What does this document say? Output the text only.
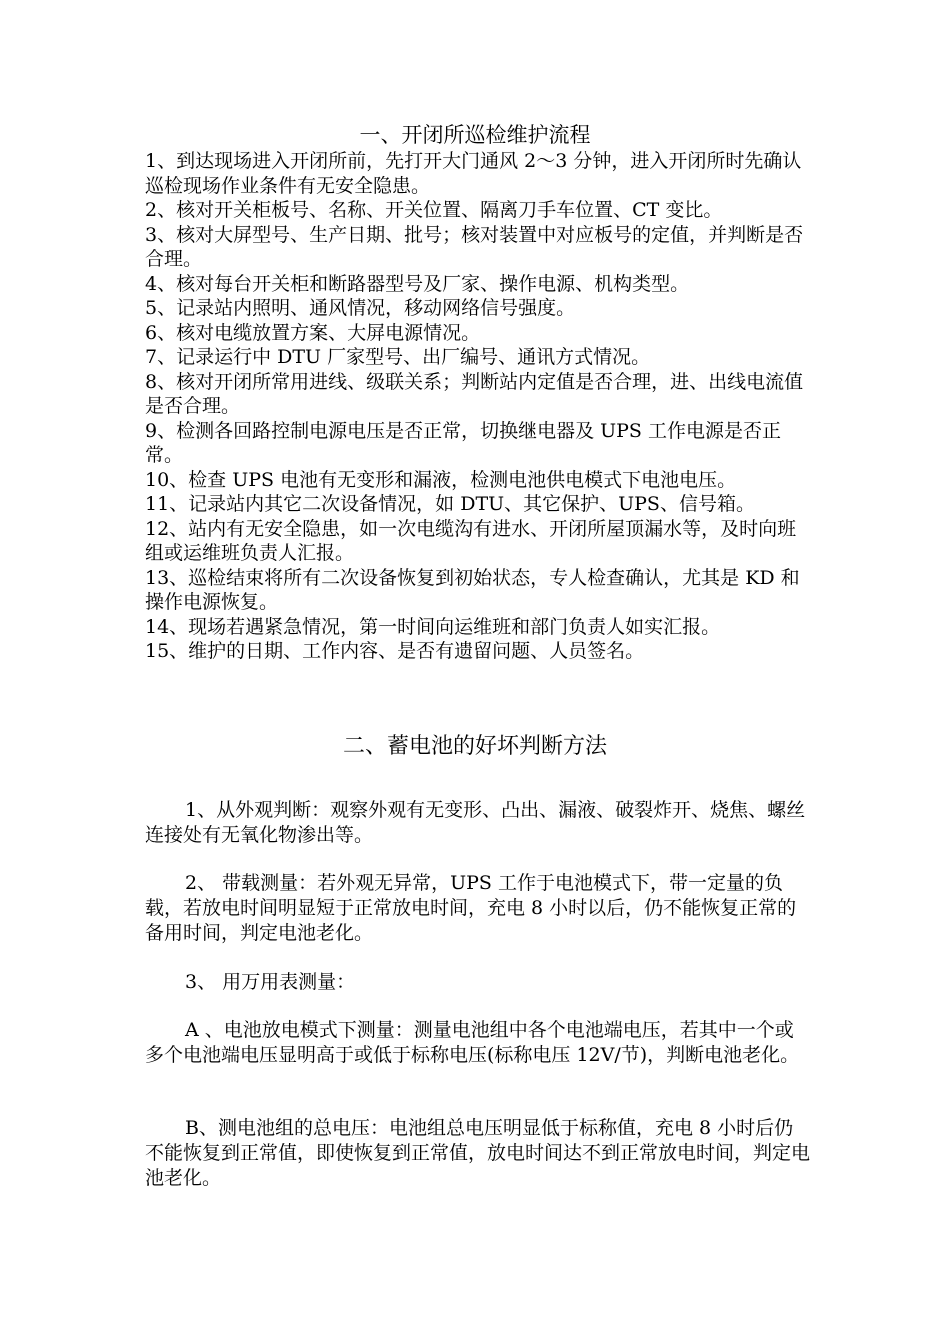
一、开闭所巡检维护流程

1、到达现场进入开闭所前，先打开大门通风 2～3 分钟，进入开闭所时先确认巡检现场作业条件有无安全隐患。

2、核对开关柜板号、名称、开关位置、隔离刀手车位置、CT 变比。

3、核对大屏型号、生产日期、批号；核对装置中对应板号的定值，并判断是否合理。

4、核对每台开关柜和断路器型号及厂家、操作电源、机构类型。

5、记录站内照明、通风情况，移动网络信号强度。

6、核对电缆放置方案、大屏电源情况。

7、记录运行中 DTU 厂家型号、出厂编号、通讯方式情况。

8、核对开闭所常用进线、级联关系；判断站内定值是否合理，进、出线电流值是否合理。

9、检测各回路控制电源电压是否正常，切换继电器及 UPS 工作电源是否正常。

10、检查 UPS 电池有无变形和漏液，检测电池供电模式下电池电压。

11、记录站内其它二次设备情况，如 DTU、其它保护、UPS、信号箱。

12、站内有无安全隐患，如一次电缆沟有进水、开闭所屋顶漏水等，及时向班组或运维班负责人汇报。

13、巡检结束将所有二次设备恢复到初始状态，专人检查确认，尤其是 KD 和操作电源恢复。

14、现场若遇紧急情况，第一时间向运维班和部门负责人如实汇报。

15、维护的日期、工作内容、是否有遗留问题、人员签名。

二、蓄电池的好坏判断方法

1、从外观判断：观察外观有无变形、凸出、漏液、破裂炸开、烧焦、螺丝连接处有无氧化物渗出等。

2、 带载测量：若外观无异常，UPS 工作于电池模式下，带一定量的负载，若放电时间明显短于正常放电时间，充电 8 小时以后，仍不能恢复正常的备用时间，判定电池老化。

3、 用万用表测量：

A 、电池放电模式下测量：测量电池组中各个电池端电压，若其中一个或多个电池端电压显明高于或低于标称电压(标称电压 12V/节)，判断电池老化。

B、测电池组的总电压：电池组总电压明显低于标称值，充电 8 小时后仍不能恢复到正常值，即使恢复到正常值，放电时间达不到正常放电时间，判定电池老化。
